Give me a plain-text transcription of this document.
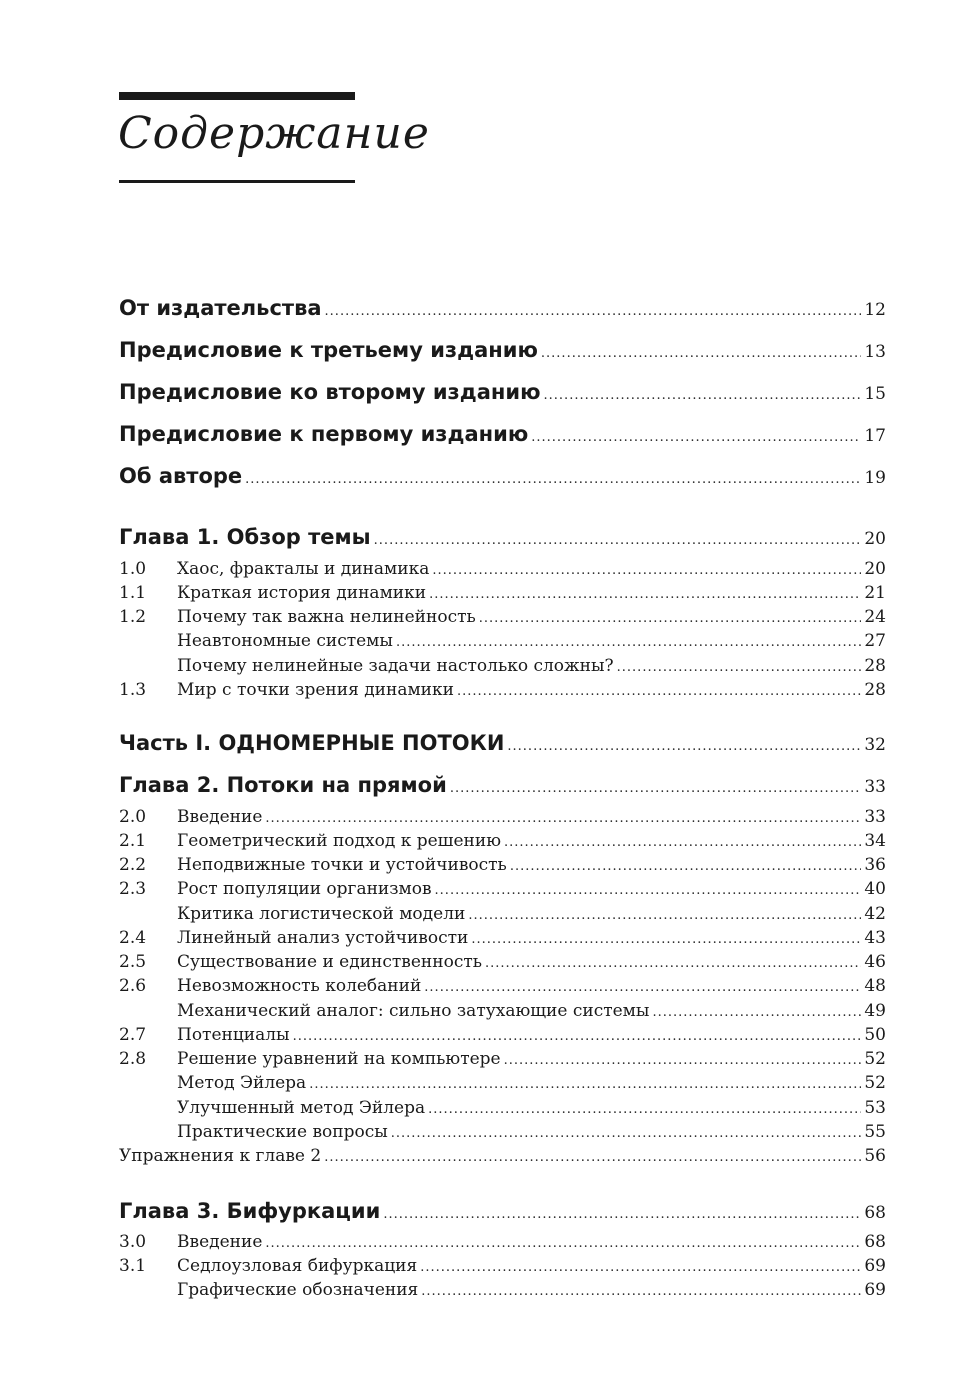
Содержание
От издательства .....	12
Предисловие к третьему изданию .....	13
Предисловие ко второму изданию .....	15
Предисловие к первому изданию .....	17
Об авторе .....	19
Глава 1. Обзор темы .....	20
1.0	Хаос, фракталы и динамика .....	20
1.1	Краткая история динамики .....	21
1.2	Почему так важна нелинейность .....	24
Неавтономные системы .....	27
Почему нелинейные задачи настолько сложны? .....	28
1.3	Мир с точки зрения динамики .....	28
Часть I. ОДНОМЕРНЫЕ ПОТОКИ .....	32
Глава 2. Потоки на прямой .....	33
2.0	Введение .....	33
2.1	Геометрический подход к решению .....	34
2.2	Неподвижные точки и устойчивость .....	36
2.3	Рост популяции организмов .....	40
Критика логистической модели .....	42
2.4	Линейный анализ устойчивости .....	43
2.5	Существование и единственность .....	46
2.6	Невозможность колебаний .....	48
Механический аналог: сильно затухающие системы .....	49
2.7	Потенциалы .....	50
2.8	Решение уравнений на компьютере .....	52
Метод Эйлера .....	52
Улучшенный метод Эйлера .....	53
Практические вопросы .....	55
Упражнения к главе 2 .....	56
Глава 3. Бифуркации .....	68
3.0	Введение .....	68
3.1	Седлоузловая бифуркация .....	69
Графические обозначения .....	69
